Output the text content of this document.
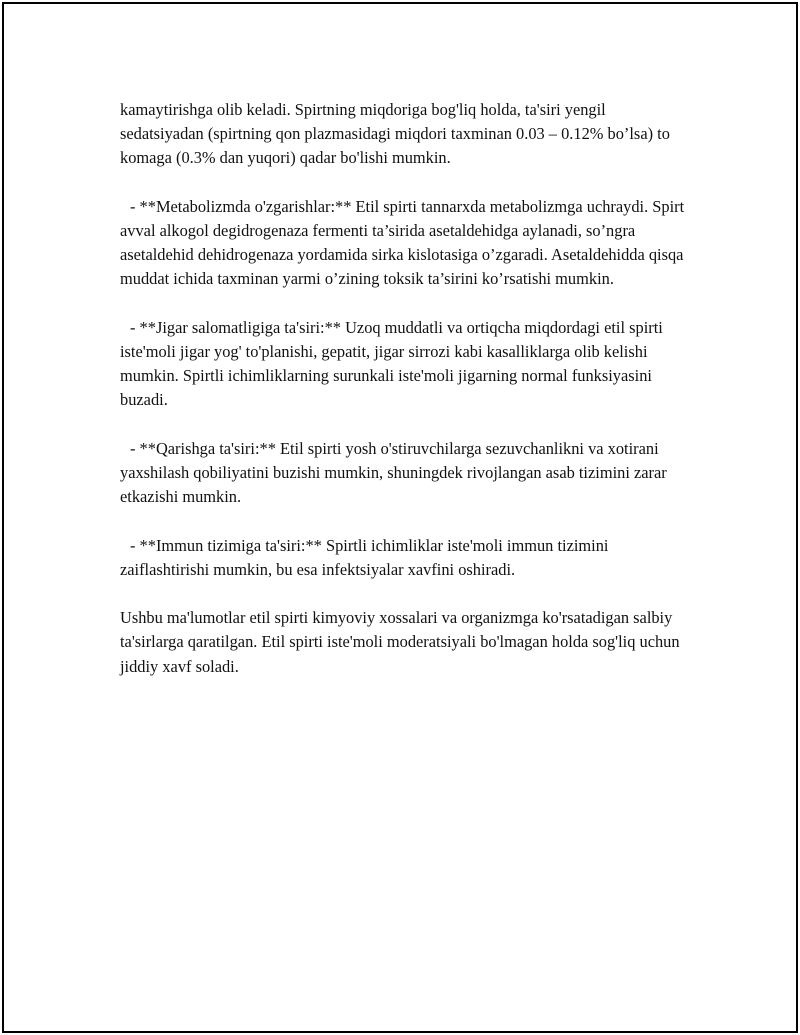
kamaytirishga olib keladi. Spirtning miqdoriga bog'liq holda, ta'siri yengil sedatsiyadan (spirtning qon plazmasidagi miqdori taxminan 0.03 – 0.12% bo’lsa) to komaga (0.3% dan yuqori) qadar bo'lishi mumkin.

- **Metabolizmda o'zgarishlar:** Etil spirti tannarxda metabolizmga uchraydi. Spirt avval alkogol degidrogenaza fermenti ta’sirida asetaldehidga aylanadi, so’ngra asetaldehid dehidrogenaza yordamida sirka kislotasiga o’zgaradi. Asetaldehidda qisqa muddat ichida taxminan yarmi o’zining toksik ta’sirini ko’rsatishi mumkin.

- **Jigar salomatligiga ta'siri:** Uzoq muddatli va ortiqcha miqdordagi etil spirti iste'moli jigar yog' to'planishi, gepatit, jigar sirrozi kabi kasalliklarga olib kelishi mumkin. Spirtli ichimliklarning surunkali iste'moli jigarning normal funksiyasini buzadi.

- **Qarishga ta'siri:** Etil spirti yosh o'stiruvchilarga sezuvchanlikni va xotirani yaxshilash qobiliyatini buzishi mumkin, shuningdek rivojlangan asab tizimini zarar etkazishi mumkin.

- **Immun tizimiga ta'siri:** Spirtli ichimliklar iste'moli immun tizimini zaiflashtirishi mumkin, bu esa infektsiyalar xavfini oshiradi.

Ushbu ma'lumotlar etil spirti kimyoviy xossalari va organizmga ko'rsatadigan salbiy ta'sirlarga qaratilgan. Etil spirti iste'moli moderatsiyali bo'lmagan holda sog'liq uchun jiddiy xavf soladi.
